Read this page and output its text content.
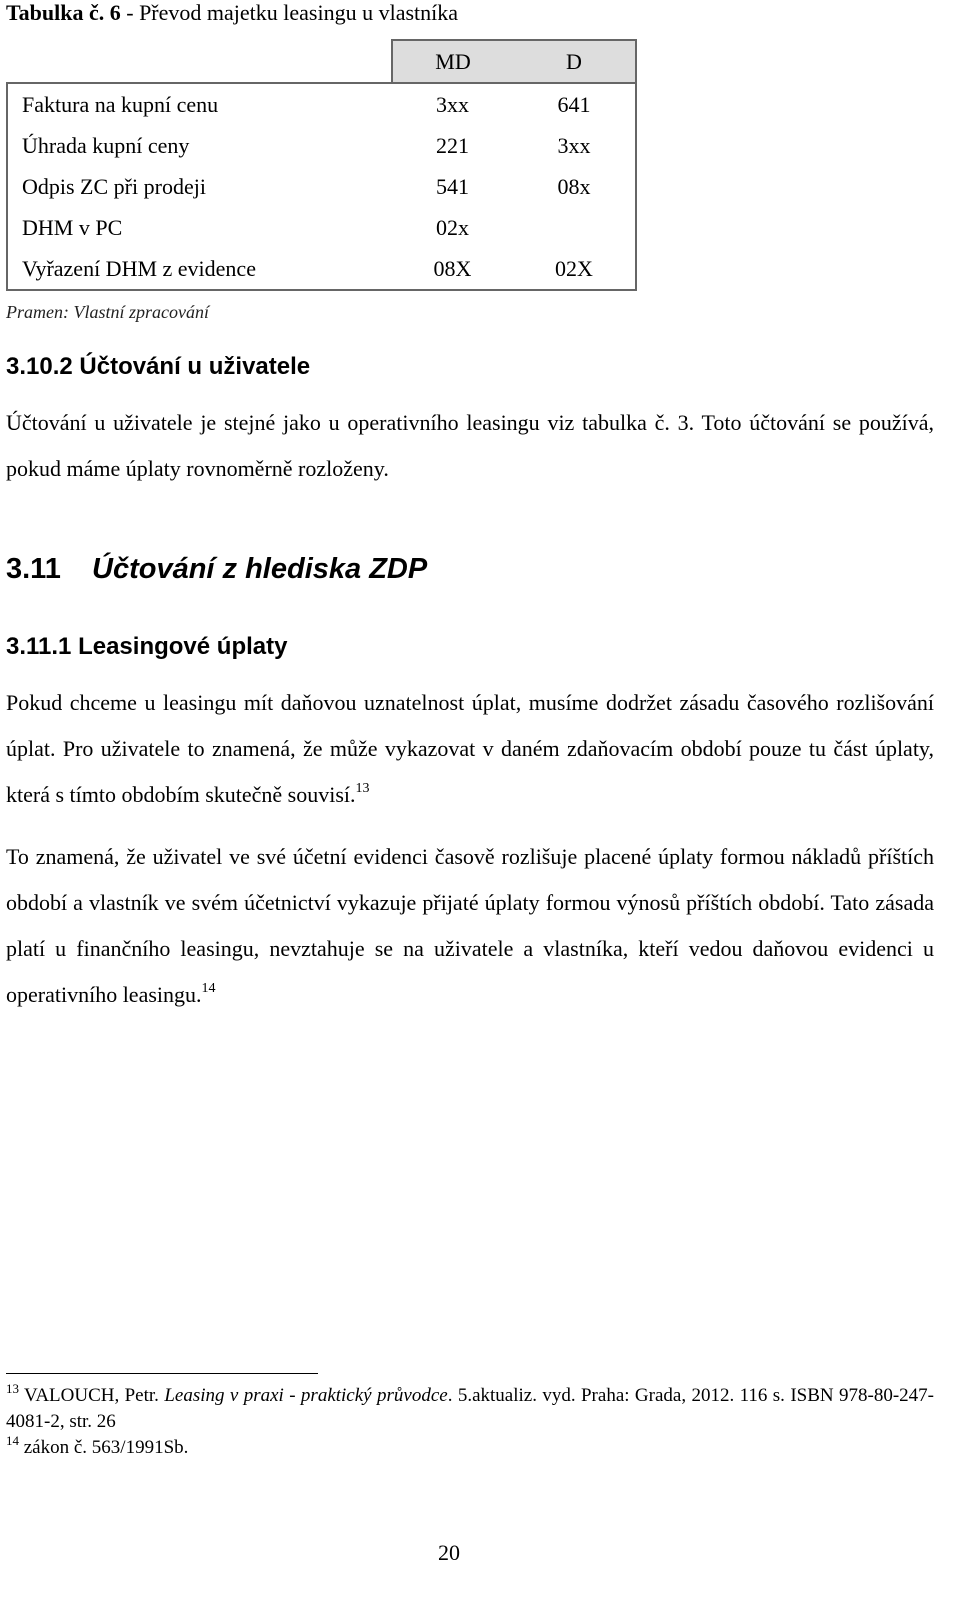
Tabulka č. 6 - Převod majetku leasingu u vlastníka
	MD	D
Faktura na kupní cenu	3xx	641
Úhrada kupní ceny	221	3xx
Odpis ZC při prodeji	541	08x
DHM v PC	02x	
Vyřazení DHM z evidence	08X	02X
Pramen: Vlastní zpracování
3.10.2 Účtování u uživatele
Účtování u uživatele je stejné jako u operativního leasingu viz tabulka č. 3. Toto účtování se používá, pokud máme úplaty rovnoměrně rozloženy.
3.11 Účtování z hlediska ZDP
3.11.1 Leasingové úplaty
Pokud chceme u leasingu mít daňovou uznatelnost úplat, musíme dodržet zásadu časového rozlišování úplat. Pro uživatele to znamená, že může vykazovat v daném zdaňovacím období pouze tu část úplaty, která s tímto obdobím skutečně souvisí.$^{13}$
To znamená, že uživatel ve své účetní evidenci časově rozlišuje placené úplaty formou nákladů příštích období a vlastník ve svém účetnictví vykazuje přijaté úplaty formou výnosů příštích období. Tato zásada platí u finančního leasingu, nevztahuje se na uživatele a vlastníka, kteří vedou daňovou evidenci u operativního leasingu.$^{14}$
$^{13}$ VALOUCH, Petr. Leasing v praxi - praktický průvodce. 5.aktualiz. vyd. Praha: Grada, 2012. 116 s. ISBN 978-80-247-4081-2, str. 26
$^{14}$ zákon č. 563/1991Sb.
20
